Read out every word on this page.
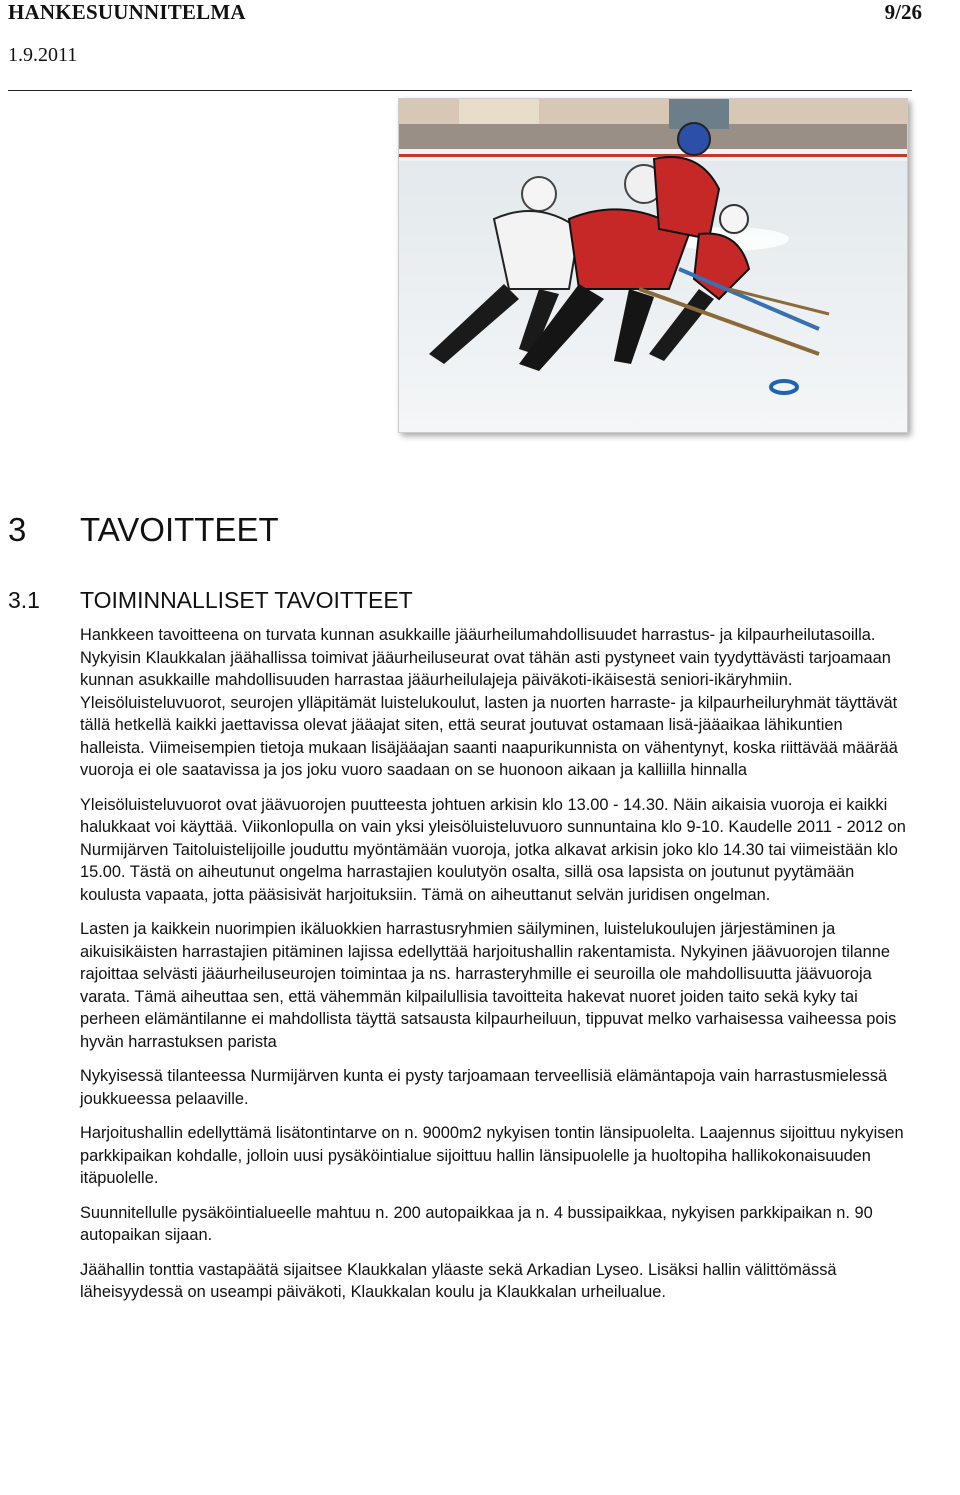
HANKESUUNNITELMA	9/26
1.9.2011
3 TAVOITTEET
3.1 TOIMINNALLISET TAVOITTEET

Hankkeen tavoitteena on turvata kunnan asukkaille jääurheilumahdollisuudet harrastus- ja kilpaurheilutasoilla. Nykyisin Klaukkalan jäähallissa toimivat jääurheiluseurat ovat tähän asti pystyneet vain tyydyttävästi tarjoamaan kunnan asukkaille mahdollisuuden harrastaa jääurheilulajeja päiväkoti-ikäisestä seniori-ikäryhmiin. Yleisöluisteluvuorot, seurojen ylläpitämät luistelukoulut, lasten ja nuorten harraste- ja kilpaurheiluryhmät täyttävät tällä hetkellä kaikki jaettavissa olevat jääajat siten, että seurat joutuvat ostamaan lisä-jääaikaa lähikuntien halleista. Viimeisempien tietoja mukaan lisäjääajan saanti naapurikunnista on vähentynyt, koska riittävää määrää vuoroja ei ole saatavissa ja jos joku vuoro saadaan on se huonoon aikaan ja kalliilla hinnalla

Yleisöluisteluvuorot ovat jäävuorojen puutteesta johtuen arkisin klo 13.00 - 14.30. Näin aikaisia vuoroja ei kaikki halukkaat voi käyttää. Viikonlopulla on vain yksi yleisöluisteluvuoro sunnuntaina klo 9-10. Kaudelle 2011 - 2012 on Nurmijärven Taitoluistelijoille jouduttu myöntämään vuoroja, jotka alkavat arkisin joko klo 14.30 tai viimeistään klo 15.00. Tästä on aiheutunut ongelma harrastajien koulutyön osalta, sillä osa lapsista on joutunut pyytämään koulusta vapaata, jotta pääsisivät harjoituksiin. Tämä on aiheuttanut selvän juridisen ongelman.

Lasten ja kaikkein nuorimpien ikäluokkien harrastusryhmien säilyminen, luistelukoulujen järjestäminen ja aikuisikäisten harrastajien pitäminen lajissa edellyttää harjoitushallin rakentamista. Nykyinen jäävuorojen tilanne rajoittaa selvästi jääurheiluseurojen toimintaa ja ns. harrasteryhmille ei seuroilla ole mahdollisuutta jäävuoroja varata. Tämä aiheuttaa sen, että vähemmän kilpailullisia tavoitteita hakevat nuoret joiden taito sekä kyky tai perheen elämäntilanne ei mahdollista täyttä satsausta kilpaurheiluun, tippuvat melko varhaisessa vaiheessa pois hyvän harrastuksen parista

Nykyisessä tilanteessa Nurmijärven kunta ei pysty tarjoamaan terveellisiä elämäntapoja vain harrastusmielessä joukkueessa pelaaville.

Harjoitushallin edellyttämä lisätontintarve on n. 9000m2 nykyisen tontin länsipuolelta. Laajennus sijoittuu nykyisen parkkipaikan kohdalle, jolloin uusi pysäköintialue sijoittuu hallin länsipuolelle ja huoltopiha hallikokonaisuuden itäpuolelle.

Suunnitellulle pysäköintialueelle mahtuu n. 200 autopaikkaa ja n. 4 bussipaikkaa, nykyisen parkkipaikan n. 90 autopaikan sijaan.

Jäähallin tonttia vastapäätä sijaitsee Klaukkalan yläaste sekä Arkadian Lyseo. Lisäksi hallin välittömässä läheisyydessä on useampi päiväkoti, Klaukkalan koulu ja Klaukkalan urheilualue.
